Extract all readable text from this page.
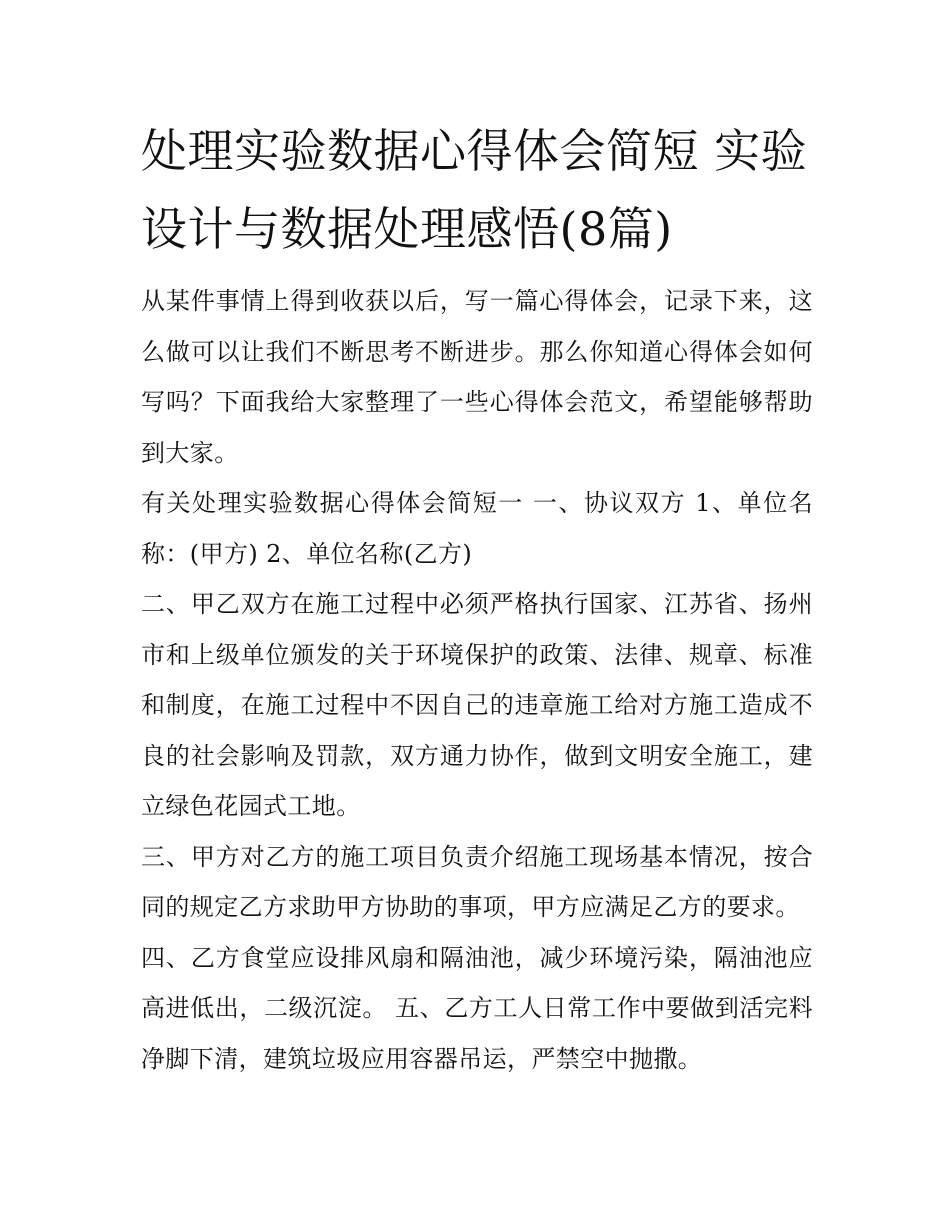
处理实验数据心得体会简短 实验设计与数据处理感悟(8篇)

从某件事情上得到收获以后，写一篇心得体会，记录下来，这么做可以让我们不断思考不断进步。那么你知道心得体会如何写吗？下面我给大家整理了一些心得体会范文，希望能够帮助到大家。

有关处理实验数据心得体会简短一 一、协议双方 1、单位名称：(甲方) 2、单位名称(乙方)

二、甲乙双方在施工过程中必须严格执行国家、江苏省、扬州市和上级单位颁发的关于环境保护的政策、法律、规章、标准和制度，在施工过程中不因自己的违章施工给对方施工造成不良的社会影响及罚款，双方通力协作，做到文明安全施工，建立绿色花园式工地。

三、甲方对乙方的施工项目负责介绍施工现场基本情况，按合同的规定乙方求助甲方协助的事项，甲方应满足乙方的要求。

四、乙方食堂应设排风扇和隔油池，减少环境污染，隔油池应高进低出，二级沉淀。 五、乙方工人日常工作中要做到活完料净脚下清，建筑垃圾应用容器吊运，严禁空中抛撒。
